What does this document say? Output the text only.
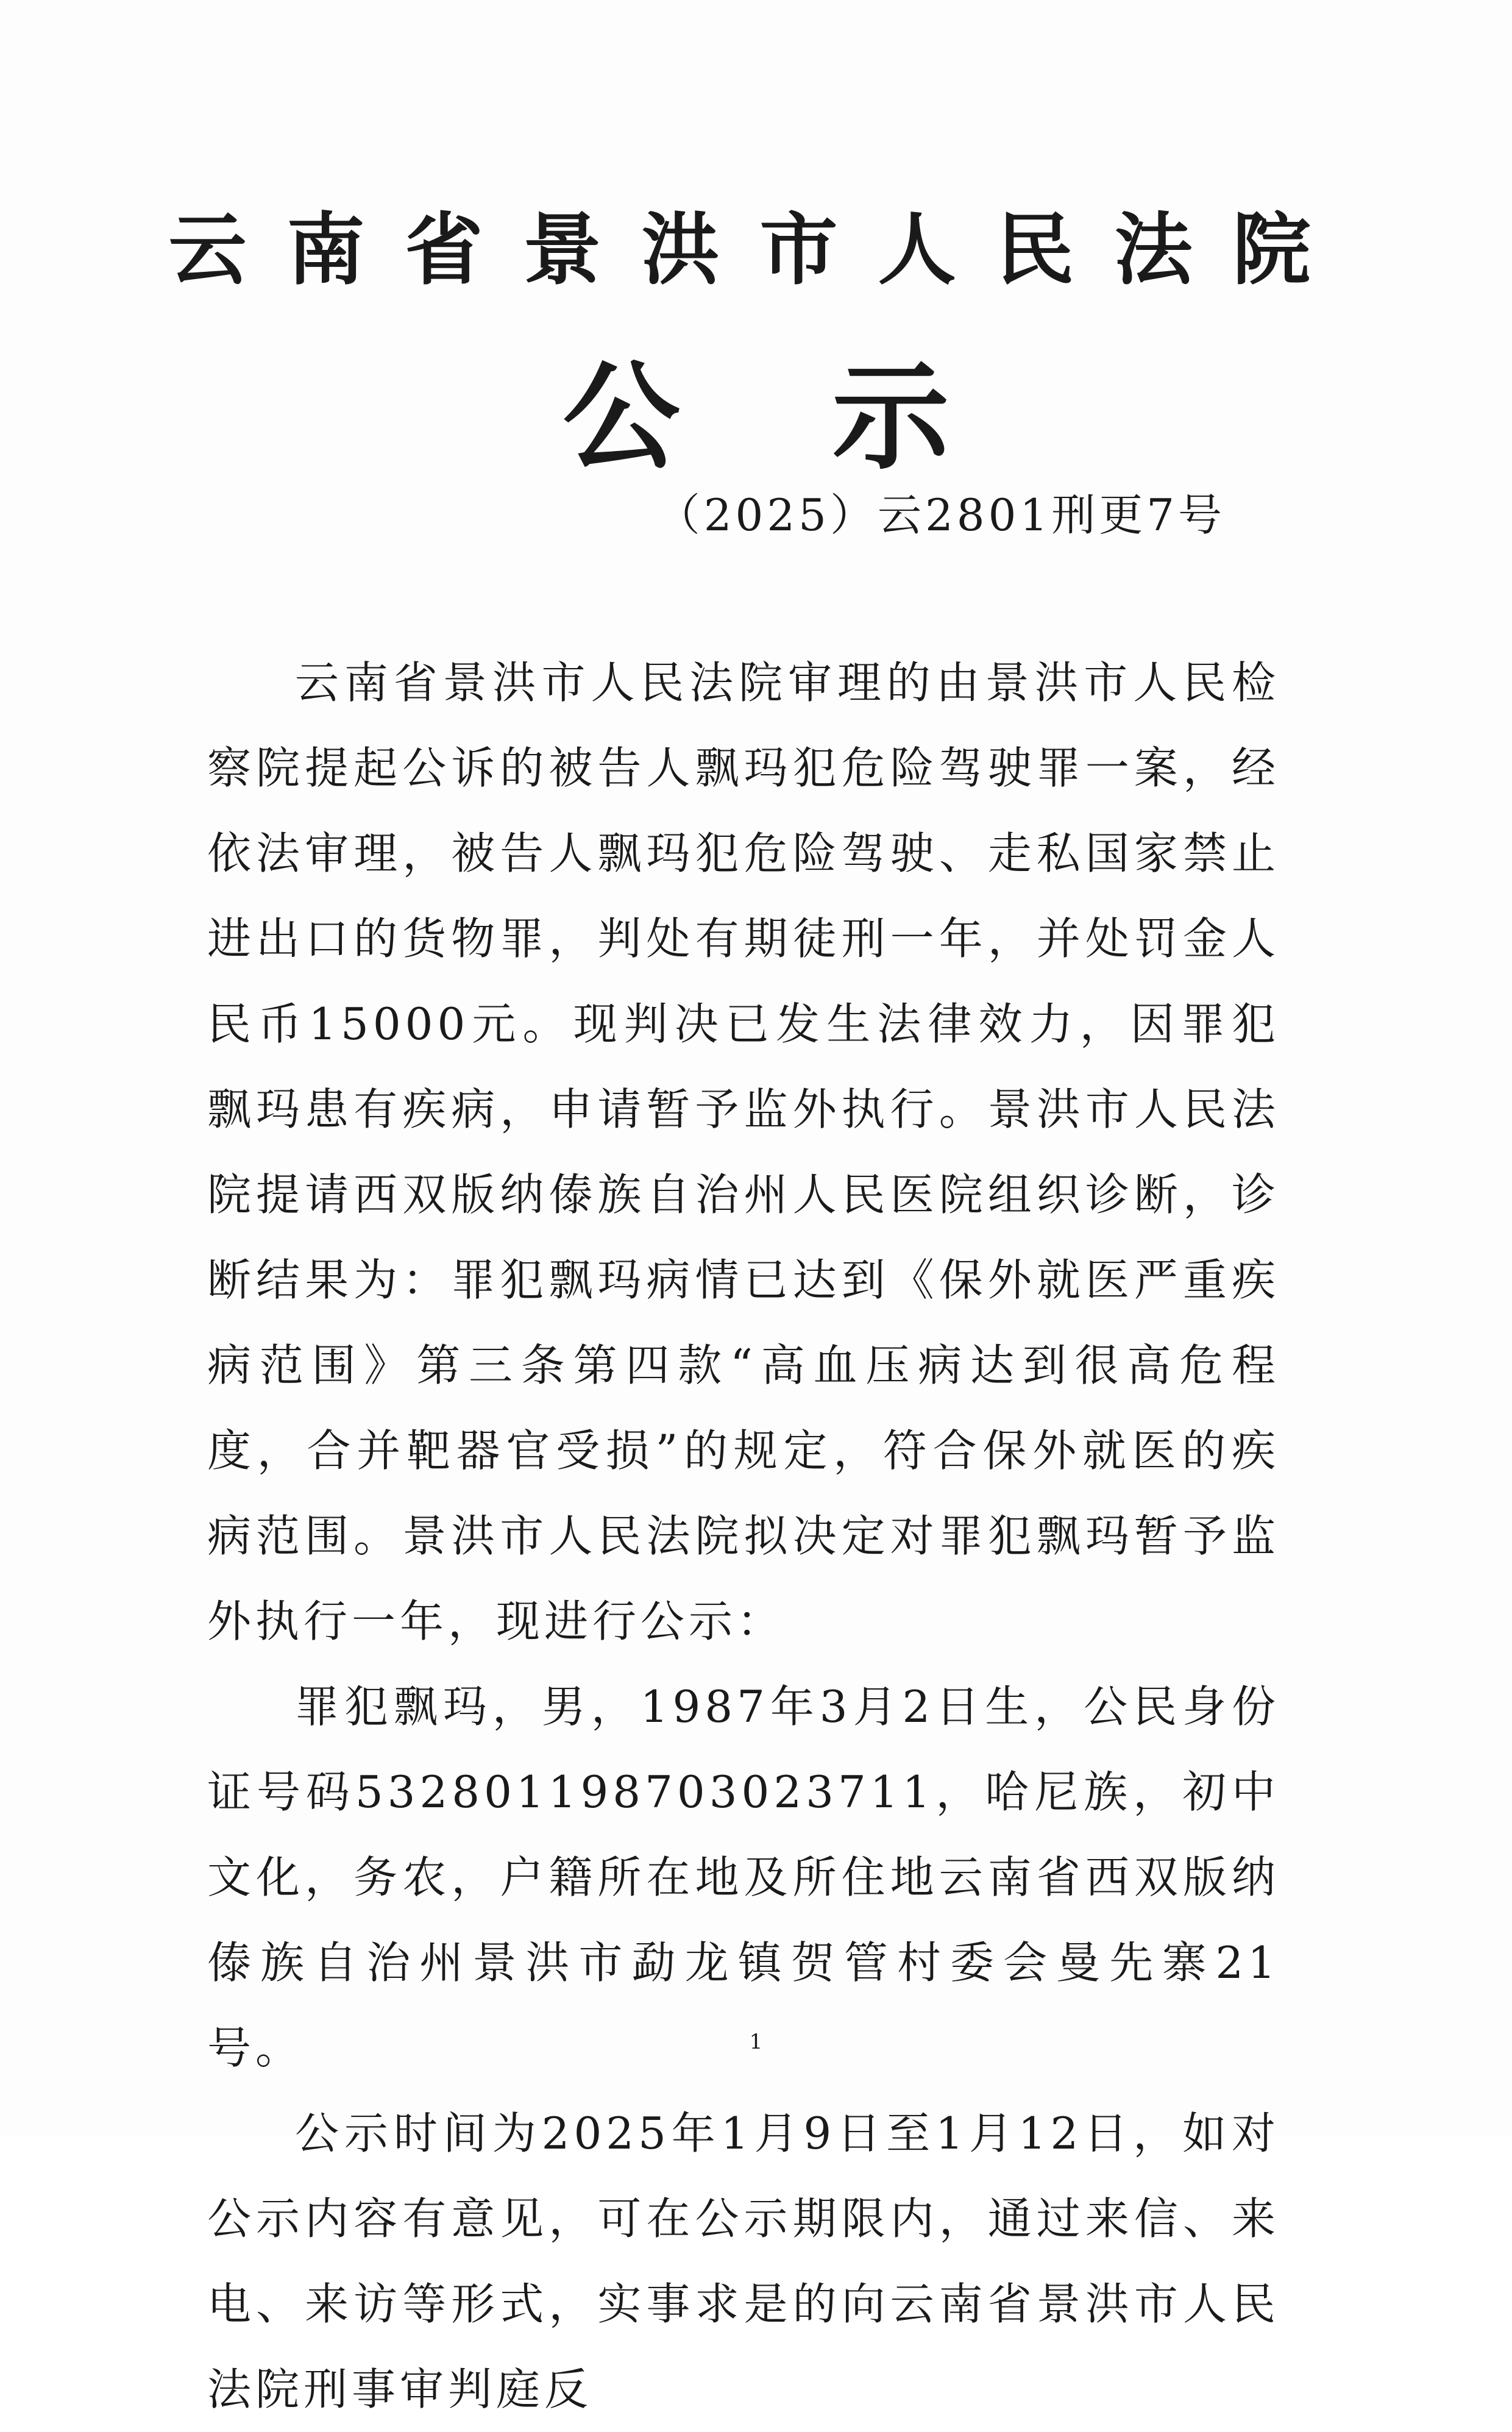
云南省景洪市人民法院
公示
（2025）云2801刑更7号

云南省景洪市人民法院审理的由景洪市人民检察院提起公诉的被告人飘玛犯危险驾驶罪一案，经依法审理，被告人飘玛犯危险驾驶、走私国家禁止进出口的货物罪，判处有期徒刑一年，并处罚金人民币15000元。现判决已发生法律效力，因罪犯飘玛患有疾病，申请暂予监外执行。景洪市人民法院提请西双版纳傣族自治州人民医院组织诊断，诊断结果为：罪犯飘玛病情已达到《保外就医严重疾病范围》第三条第四款“高血压病达到很高危程度，合并靶器官受损”的规定，符合保外就医的疾病范围。景洪市人民法院拟决定对罪犯飘玛暂予监外执行一年，现进行公示：

罪犯飘玛，男，1987年3月2日生，公民身份证号码532801198703023711，哈尼族，初中文化，务农，户籍所在地及所住地云南省西双版纳傣族自治州景洪市勐龙镇贺管村委会曼先寨21号。

公示时间为2025年1月9日至1月12日，如对公示内容有意见，可在公示期限内，通过来信、来电、来访等形式，实事求是的向云南省景洪市人民法院刑事审判庭反

1
